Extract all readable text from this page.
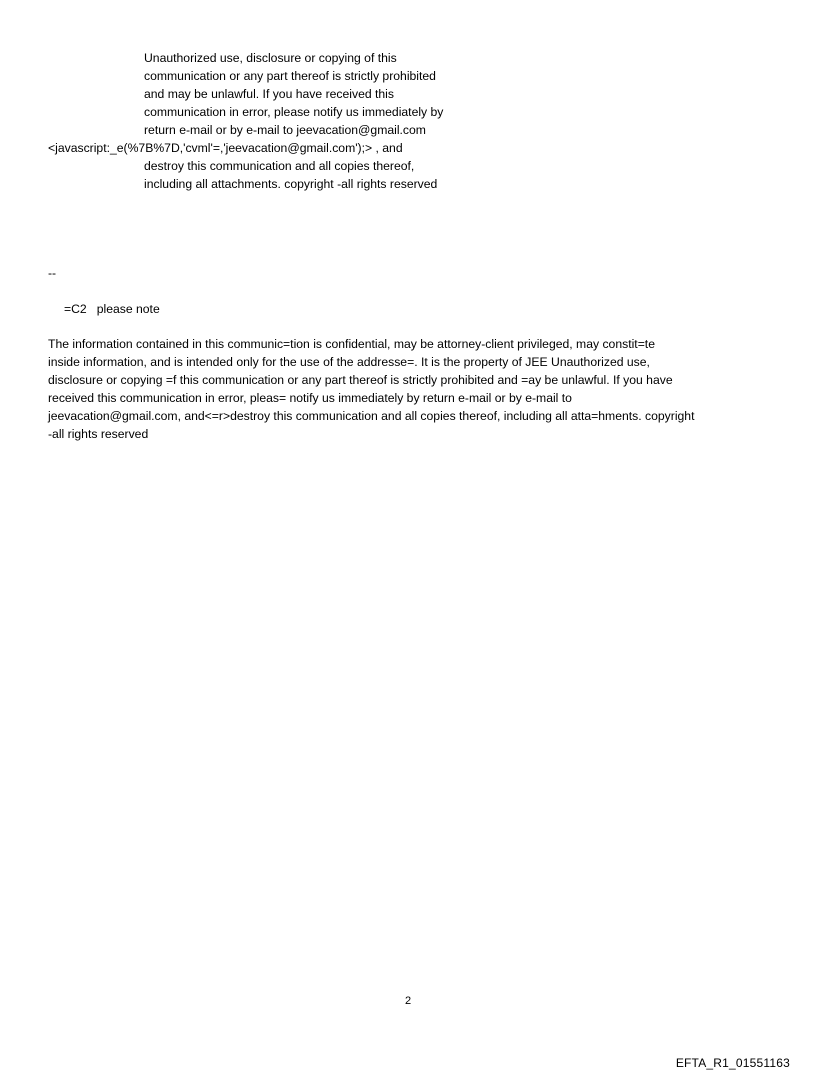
Unauthorized use, disclosure or copying of this
communication or any part thereof is strictly prohibited
and may be unlawful. If you have received this
communication in error, please notify us immediately by
return e-mail or by e-mail to jeevacation@gmail.com
<javascript:_e(%7B%7D,'cvml'=,'jeevacation@gmail.com');> , and
destroy this communication and all copies thereof,
including all attachments. copyright -all rights reserved
--
=C2 please note
The information contained in this communic=tion is confidential, may be attorney-client privileged, may constit=te
inside information, and is intended only for the use of the addresse=. It is the property of JEE Unauthorized use,
disclosure or copying =f this communication or any part thereof is strictly prohibited and =ay be unlawful. If you have
received this communication in error, pleas= notify us immediately by return e-mail or by e-mail to
jeevacation@gmail.com, and<=r>destroy this communication and all copies thereof, including all atta=hments. copyright
-all rights reserved
2
EFTA_R1_01551163
